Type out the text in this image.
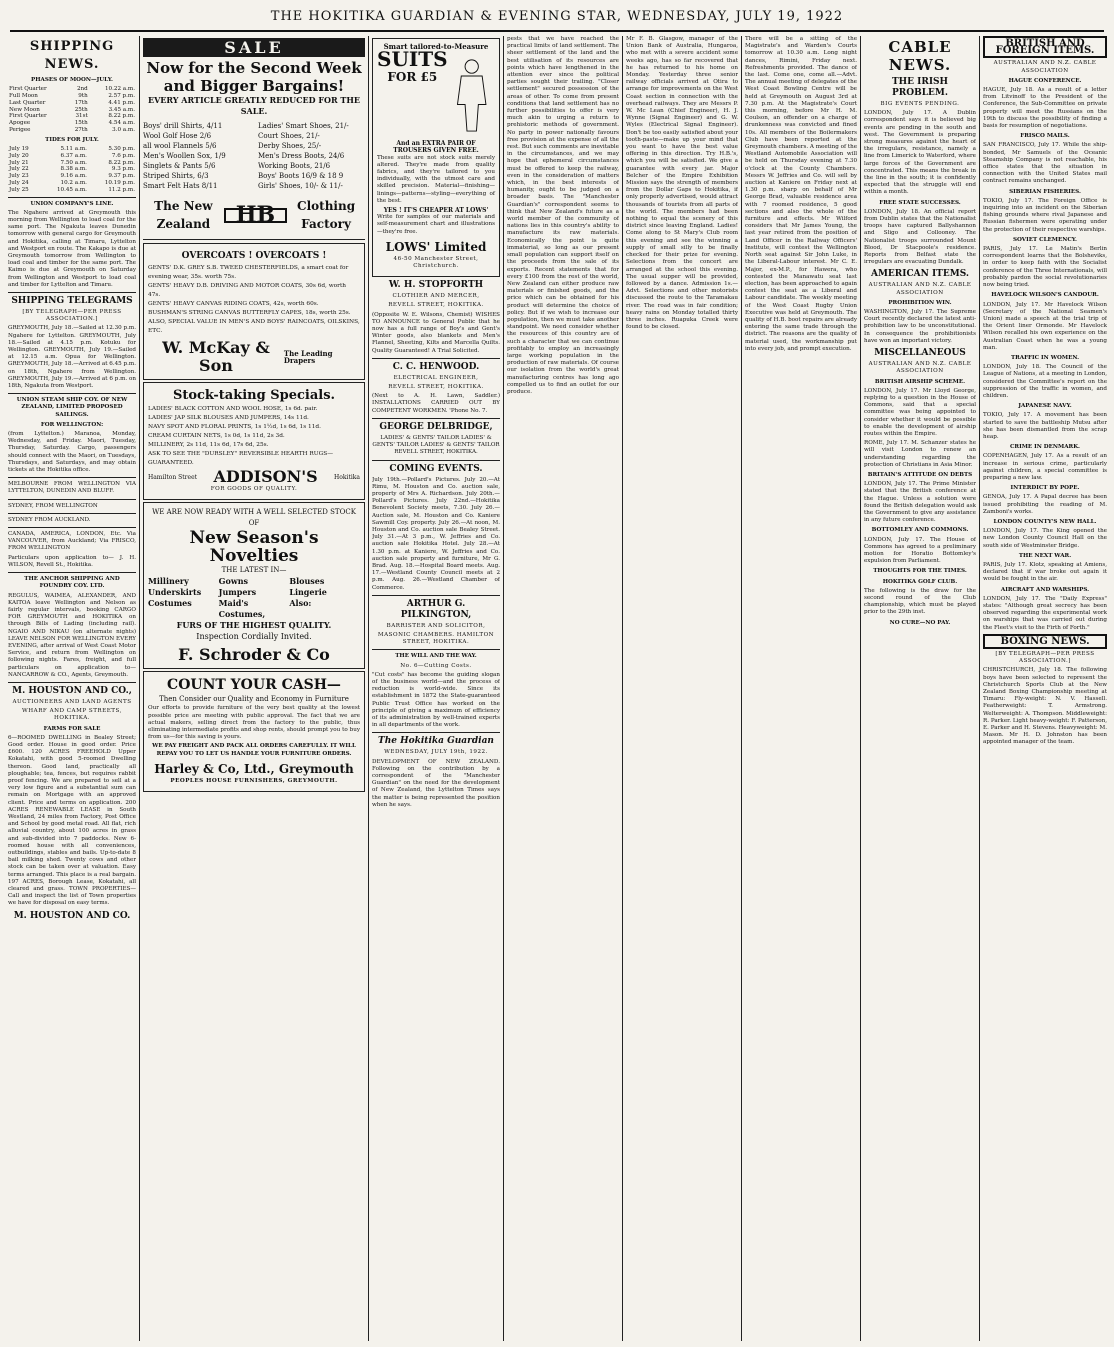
THE HOKITIKA GUARDIAN & EVENING STAR, WEDNESDAY, JULY 19, 1922
SHIPPING NEWS.
PHASES OF MOON—JULY.
First Quarter	2nd	10.22 a.m.
Full Moon	9th	2.57 p.m.
Last Quarter	17th	4.41 p.m.
New Moon	25th	3.45 a.m.
First Quarter	31st	8.22 p.m.
Apogee	15th	4.54 a.m.
Perigee	27th	3.0 a.m.
TIDES FOR JULY.
July 19	5.11 a.m.	5.30 p.m.
July 20	6.37 a.m.	7.6 p.m.
July 21	7.50 a.m.	8.22 p.m.
July 22	8.38 a.m.	9.3 p.m.
July 23	9.16 a.m.	9.37 p.m.
July 24	10.2 a.m.	10.19 p.m.
July 25	10.45 a.m.	11.2 p.m.
UNION COMPANY'S LINE.

The Ngahere arrived at Greymouth this morning from Wellington to load coal for the same port. The Ngakuta leaves Dunedin tomorrow with general cargo for Greymouth and Hokitika, calling at Timaru, Lyttelton and Westport en route. The Kakapo is due at Greymouth tomorrow from Wellington to load coal and timber for the same port. The Kaimo is due at Greymouth on Saturday from Wellington and Westport to load coal and timber for Lyttelton and Timaru.

SHIPPING TELEGRAMS
[BY TELEGRAPH—PER PRESS ASSOCIATION.]

GREYMOUTH, July 18.—Sailed at 12.30 p.m. Ngahere for Lyttelton. GREYMOUTH, July 18.—Sailed at 4.15 p.m. Kotuku for Wellington. GREYMOUTH, July 19.—Sailed at 12.15 a.m. Opua for Wellington. GREYMOUTH, July 18.—Arrived at 6.45 p.m. on 18th, Ngahere from Wellington. GREYMOUTH, July 19.—Arrived at 6 p.m. on 18th, Ngakuta from Westport.

UNION STEAM SHIP COY. OF NEW ZEALAND, LIMITED PROPOSED SAILINGS.
FOR WELLINGTON:

(from Lyttelton.) Maranoa, Monday, Wednesday, and Friday. Maori, Tuesday, Thursday, Saturday. Cargo, passengers should connect with the Maori, on Tuesdays, Thursdays, and Saturdays, and may obtain tickets at the Hokitika office.

MELBOURNE FROM WELLINGTON VIA LYTTELTON, DUNEDIN AND BLUFF.

SYDNEY, FROM WELLINGTON

SYDNEY FROM AUCKLAND.

CANADA, AMERICA, LONDON, Etc. Via VANCOUVER, from Auckland; Via FRISCO, FROM WELLINGTON

Particulars upon application to— J. H. WILSON, Revell St., Hokitika.

THE ANCHOR SHIPPING AND FOUNDRY COY. LTD.

REGULUS, WAIMEA, ALEXANDER, AND KAITOA leave Wellington and Nelson as fairly regular intervals, booking CARGO FOR GREYMOUTH and HOKITIKA on through Bills of Lading (including rail). NGAIO AND NIKAU (on alternate nights) LEAVE NELSON FOR WELLINGTON EVERY EVENING, after arrival of West Coast Motor Service, and return from Wellington on following nights. Fares, freight, and full particulars on application to— NANCARROW & CO., Agents, Greymouth.

M. HOUSTON AND CO.,
AUCTIONEERS AND LAND AGENTS
WHARF AND CAMP STREETS, HOKITIKA.
FARMS FOR SALE

6—ROOMED DWELLING in Bealey Street; Good order. House in good order. Price £600. 120 ACRES FREEHOLD Upper Kokatahi, with good 5-roomed Dwelling thereon. Good land, practically all ploughable; tea, fences, but requires rabbit proof fencing. We are prepared to sell at a very low figure and a substantial sum can remain on Mortgage with an approved client. Price and terms on application. 200 ACRES RENEWABLE LEASE in South Westland, 24 miles from Factory, Post Office and School by good metal road. All flat, rich alluvial country, about 100 acres in grass and sub-divided into 7 paddocks. New 6-roomed house with all conveniences, outbuildings, stables and bails. Up-to-date 8 bail milking shed. Twenty cows and other stock can be taken over at valuation. Easy terms arranged. This place is a real bargain. 197 ACRES, Borough Lease, Kokatahi, all cleared and grass. TOWN PROPERTIES—Call and inspect the list of Town properties we have for disposal on easy terms.

M. HOUSTON AND CO.
SALE
Now for the Second Week and Bigger Bargains!
EVERY ARTICLE GREATLY REDUCED FOR THE SALE.
Boys' drill Shirts, 4/11
Wool Golf Hose 2/6
all wool Flannels 5/6
Men's Woollen Sox, 1/9
Singlets & Pants 5/6
Striped Shirts, 6/3
Smart Felt Hats 8/11
Ladies' Smart Shoes, 21/-
Court Shoes, 21/-
Derby Shoes, 25/-
Men's Dress Boots, 24/6
Working Boots, 21/6
Boys' Boots 16/9 & 18 9
Girls' Shoes, 10/- & 11/-
The New Zealand	HB	Clothing Factory
OVERCOATS ! OVERCOATS !
GENTS' D.K. GREY S.B. TWEED CHESTERFIELDS, a smart coat for evening wear, 35s. worth 75s.
GENTS' HEAVY D.B. DRIVING AND MOTOR COATS, 30s 6d, worth 47s.
GENTS' HEAVY CANVAS RIDING COATS, 42s, worth 60s.
BUSHMAN'S STRING CANVAS BUTTERFLY CAPES, 18s, worth 25s.
ALSO, SPECIAL VALUE IN MEN'S AND BOYS' RAINCOATS, OILSKINS, ETC.
W. McKay & Son
The Leading Drapers
Stock-taking Specials.
LADIES' BLACK COTTON AND WOOL HOSE, 1s 6d. pair.
LADIES' JAP SILK BLOUSES AND JUMPERS, 14s 11d.
NAVY SPOT AND FLORAL PRINTS, 1s 1½d, 1s 6d, 1s 11d.
CREAM CURTAIN NETS, 1s 0d, 1s 11d, 2s 3d.
MILLINERY, 2s 11d, 11s 6d, 17s 6d, 25s.
ASK TO SEE THE "DURSLEY" REVERSIBLE HEARTH RUGS—GUARANTEED.
Hamilton Street ADDISON'S	Hokitika
FOR GOODS OF QUALITY.
WE ARE NOW READY WITH A WELL SELECTED STOCK OF
New Season's Novelties
THE LATEST IN—
Millinery	Gowns	Blouses
Underskirts	Jumpers	Lingerie
Costumes	Maid's Costumes,
Also:
FURS OF THE HIGHEST QUALITY.
Inspection Cordially Invited.
F. Schroder & Co
COUNT YOUR CASH—
Then Consider our Quality and Economy in Furniture

Our efforts to provide furniture of the very best quality at the lowest possible price are meeting with public approval. The fact that we are actual makers, selling direct from the factory to the public, thus eliminating intermediate profits and shop rents, should prompt you to buy from us—for this saving is yours.

WE PAY FREIGHT AND PACK ALL ORDERS CAREFULLY. IT WILL REPAY YOU TO LET US HANDLE YOUR FURNITURE ORDERS.

Harley & Co, Ltd., Greymouth
PEOPLES HOUSE FURNISHERS, GREYMOUTH.
Smart tailored-to-Measure
SUITS
FOR £5
And an EXTRA PAIR OF TROUSERS GIVEN FREE.

These suits are not stock suits merely altered. They're made from quality fabrics, and they're tailored to you individually, with the utmost care and skilled precision. Material—finishing—linings—patterns—styling—everything of the best.

YES ! IT'S CHEAPER AT LOWS'

Write for samples of our materials and self-measurement chart and illustrations—they're free.

LOWS' Limited
46-50 Manchester Street, Christchurch.
W. H. STOPFORTH
CLOTHIER AND MERCER,
REVELL STREET, HOKITIKA.

(Opposite W. E. Wilsons, Chemist) WISHES TO ANNOUNCE to General Public that he now has a full range of Boy's and Gent's Winter goods, also blankets and Men's Flannel, Sheeting, Kilts and Marcella Quilts. Quality Guaranteed! A Trial Solicited.

C. C. HENWOOD.
ELECTRICAL ENGINEER,
REVELL STREET, HOKITIKA.

(Next to A. H. Lawn, Saddler.) INSTALLATIONS CARRIED OUT BY COMPETENT WORKMEN. 'Phone No. 7.

GEORGE DELBRIDGE,

LADIES' & GENTS' TAILOR LADIES' & GENTS' TAILOR LADIES' & GENTS' TAILOR REVELL STREET, HOKITIKA.

COMING EVENTS.

July 19th.—Pollard's Pictures. July 20.—At Rimu, M. Houston and Co. auction sale, property of Mrs A. Richardson. July 20th.—Pollard's Pictures. July 22nd.—Hokitika Benevolent Society meets, 7.30. July 26.—Auction sale, M. Houston and Co. Kaniere Sawmill Coy. property. July 26.—At noon, M. Houston and Co. auction sale Bealey Street. July 31.—At 3 p.m., W. Jeffries and Co. auction sale Hokitika Hotel. July 28.—At 1.30 p.m. at Kaniere, W. Jeffries and Co. auction sale property and furniture, Mr G. Brad. Aug. 18.—Hospital Board meets. Aug. 17.—Westland County Council meets at 2 p.m. Aug. 26.—Westland Chamber of Commerce.

ARTHUR G. PILKINGTON,
BARRISTER AND SOLICITOR,
MASONIC CHAMBERS. HAMILTON STREET, HOKITIKA.
THE WILL AND THE WAY.
No. 6—Cutting Costs.

"Cut costs" has become the guiding slogan of the business world—and the process of reduction is world-wide. Since its establishment in 1872 the State-guaranteed Public Trust Office has worked on the principle of giving a maximum of efficiency of its administration by well-trained experts in all departments of the work.

The Hokitika Guardian
WEDNESDAY, JULY 19th, 1922.

DEVELOPMENT OF NEW ZEALAND. Following on the contribution by a correspondent of the "Manchester Guardian" on the need for the development of New Zealand, the Lyttelton Times says the matter is being represented the position when he says.

pests that we have reached the practical limits of land settlement. The sheer settlement of the land and the best utilisation of its resources are points which have lengthened in the attention ever since the political parties sought their trailing. "Closer settlement" secured possession of the areas of other. To come from present conditions that land settlement has no further possibilities to offer is very much akin to urging a return to prehistoric methods of government. No party in power nationally favours free provision at the expense of all the rest. But such comments are inevitable in the circumstances, and we may hope that ephemeral circumstances must be offered to keep the railway, even in the consideration of matters which, in the best interests of humanity, ought to be judged on a broader basis. The "Manchester Guardian's" correspondent seems to think that New Zealand's future as a world member of the community of nations lies in this country's ability to manufacture its raw materials. Economically the point is quite immaterial, so long as our present small population can support itself on the proceeds from the sale of its exports. Recent statements that for every £100 from the rest of the world, New Zealand can either produce raw materials or finished goods, and the price which can be obtained for his product will determine the choice of policy. But if we wish to increase our population, then we must take another standpoint. We need consider whether the resources of this country are of such a character that we can continue profitably to employ an increasingly large working population in the production of raw materials. Of course our isolation from the world's great manufacturing centres has long ago compelled us to find an outlet for our produce.

Mr F. B. Glasgow, manager of the Union Bank of Australia, Hungaroa, who met with a severe accident some weeks ago, has so far recovered that he has returned to his home on Monday. Yesterday three senior railway officials arrived at Otira to arrange for improvements on the West Coast section in connection with the overhead railways. They are Messrs P. W. Mc Lean (Chief Engineer), H. J. Wynne (Signal Engineer) and G. W. Wyles (Electrical Signal Engineer). Don't be too easily satisfied about your tooth-paste—make up your mind that you want to have the best value offering in this direction. Try H.B.'s, which you will be satisfied. We give a guarantee with every jar. Major Belcher of the Empire Exhibition Mission says the strength of members from the Dollar Gaps to Hokitika, if only properly advertised, would attract thousands of tourists from all parts of the world. The members had been nothing to equal the scenery of this district since leaving England. Ladies! Come along to St Mary's Club room this evening and see the winning a supply of small silly to be finally checked for their prize for evening. Selections from the concert are arranged at the school this evening. The usual supper will be provided, followed by a dance. Admission 1s.—Advt. Selections and other motorists discussed the route to the Taramakau river. The road was in fair condition; heavy rains on Monday totalled thirty three inches. Ruapuka Creek were found to be closed.

There will be a sitting of the Magistrate's and Warden's Courts tomorrow at 10.30 a.m. Long night dances, Rimini, Friday next. Refreshments provided. The dance of the last. Come one, come all.—Advt. The annual meeting of delegates of the West Coast Bowling Centre will be held at Greymouth on August 3rd at 7.30 p.m. At the Magistrate's Court this morning, before Mr H. M. Coulson, an offender on a charge of drunkenness was convicted and fined 10s. All members of the Boilermakers Club have been reported at the Greymouth chambers. A meeting of the Westland Automobile Association will be held on Thursday evening at 7.30 o'clock at the County Chambers. Messrs W. Jeffries and Co. will sell by auction at Kaniere on Friday next at 1.30 p.m. sharp on behalf of Mr George Brad, valuable residence area with 7 roomed residence, 5 good sections and also the whole of the furniture and effects. Mr Wilford considers that Mr James Young, the last year retired from the position of Land Officer in the Railway Officers' Institute, will contest the Wellington North seat against Sir John Luke, in the Liberal-Labour interest. Mr C. E. Major, ex-M.P., for Hawera, who contested the Manawatu seat last election, has been approached to again contest the seat as a Liberal and Labour candidate. The weekly meeting of the West Coast Rugby Union Executive was held at Greymouth. The quality of H.B. boot repairs are already entering the same trade through the district. The reasons are the quality of material used, the workmanship put into every job, and prompt execution.

CABLE NEWS.
THE IRISH PROBLEM.
BIG EVENTS PENDING.

LONDON, July 17. A Dublin correspondent says it is believed big events are pending in the south and west. The Government is preparing strong measures against the heart of the irregulars, resistance, namely a line from Limerick to Waterford, where large forces of the Government are concentrated. This means the break in the line in the south; it is confidently expected that the struggle will end within a month.

FREE STATE SUCCESSES.

LONDON, July 18. An official report from Dublin states that the Nationalist troops have captured Ballyshannon and Sligo and Collooney. The Nationalist troops surrounded Mount Blood, Dr Stacpoole's residence. Reports from Belfast state the irregulars are evacuating Dundalk.

AMERICAN ITEMS.
AUSTRALIAN AND N.Z. CABLE ASSOCIATION
PROHIBITION WIN.

WASHINGTON, July 17. The Supreme Court recently declared the latest anti-prohibition law to be unconstitutional. In consequence the prohibitionists have won an important victory.

MISCELLANEOUS
AUSTRALIAN AND N.Z. CABLE ASSOCIATION
BRITISH AIRSHIP SCHEME.

LONDON, July 17. Mr Lloyd George, replying to a question in the House of Commons, said that a special committee was being appointed to consider whether it would be possible to enable the development of airship routes within the Empire.

ROME, July 17. M. Schanzer states he will visit London to renew an understanding regarding the protection of Christians in Asia Minor.

BRITAIN'S ATTITUDE ON DEBTS

LONDON, July 17. The Prime Minister stated that the British conference at the Hague. Unless a solution were found the British delegation would ask the Government to give any assistance in any future conference.

BOTTOMLEY AND COMMONS.

LONDON, July 17. The House of Commons has agreed to a preliminary motion for Horatio Bottomley's expulsion from Parliament.

THOUGHTS FOR THE TIMES.
HOKITIKA GOLF CLUB.

The following is the draw for the second round of the Club championship, which must be played prior to the 29th inst.

NO CURE—NO PAY.
BRITISH AND FOREIGN ITEMS.
AUSTRALIAN AND N.Z. CABLE ASSOCIATION
HAGUE CONFERENCE.

HAGUE, July 18. As a result of a letter from Litvinoff to the President of the Conference, the Sub-Committee on private property will meet the Russians on the 19th to discuss the possibility of finding a basis for resumption of negotiations.

FRISCO MAILS.

SAN FRANCISCO, July 17. While the ship-bonded, Mr Samuels of the Oceanic Steamship Company is not reachable, his office states that the situation in connection with the United States mail contract remains unchanged.

SIBERIAN FISHERIES.

TOKIO, July 17. The Foreign Office is inquiring into an incident on the Siberian fishing grounds where rival Japanese and Russian fishermen were operating under the protection of their respective warships.

SOVIET CLEMENCY.

PARIS, July 17. Le Matin's Berlin correspondent learns that the Bolsheviks, in order to keep faith with the Socialist conference of the Three Internationals, will probably pardon the social revolutionaries now being tried.

HAVELOCK WILSON'S CANDOUR.

LONDON, July 17. Mr Havelock Wilson (Secretary of the National Seamen's Union) made a speech at the trial trip of the Orient liner Ormonde. Mr Havelock Wilson recalled his own experience on the Australian Coast when he was a young man.

TRAFFIC IN WOMEN.

LONDON, July 18. The Council of the League of Nations, at a meeting in London, considered the Committee's report on the suppression of the traffic in women, and children.

JAPANESE NAVY.

TOKIO, July 17. A movement has been started to save the battleship Mutsu after she has been dismantled from the scrap heap.

CRIME IN DENMARK.

COPENHAGEN, July 17. As a result of an increase in serious crime, particularly against children, a special committee is preparing a new law.

INTERDICT BY POPE.

GENOA, July 17. A Papal decree has been issued prohibiting the reading of M. Zamboni's works.

LONDON COUNTY'S NEW HALL.

LONDON, July 17. The King opened the new London County Council Hall on the south side of Westminster Bridge.

THE NEXT WAR.

PARIS, July 17. Klotz, speaking at Amiens, declared that if war broke out again it would be fought in the air.

AIRCRAFT AND WARSHIPS.

LONDON, July 17. The "Daily Express" states: "Although great secrecy has been observed regarding the experimental work on warships that was carried out during the Fleet's visit to the Firth of Forth."

BOXING NEWS.
[BY TELEGRAPH—PER PRESS ASSOCIATION.]

CHRISTCHURCH, July 18. The following boys have been selected to represent the Christchurch Sports Club at the New Zealand Boxing Championship meeting at Timaru: Fly-weight: N. V. Hassell. Featherweight: T. Armstrong. Welterweight: A. Thompson. Middleweight: R. Parker. Light heavy-weight: F. Patterson, E. Parker and H. Stevens. Heavyweight: M. Mason. Mr H. D. Johnston has been appointed manager of the team.
